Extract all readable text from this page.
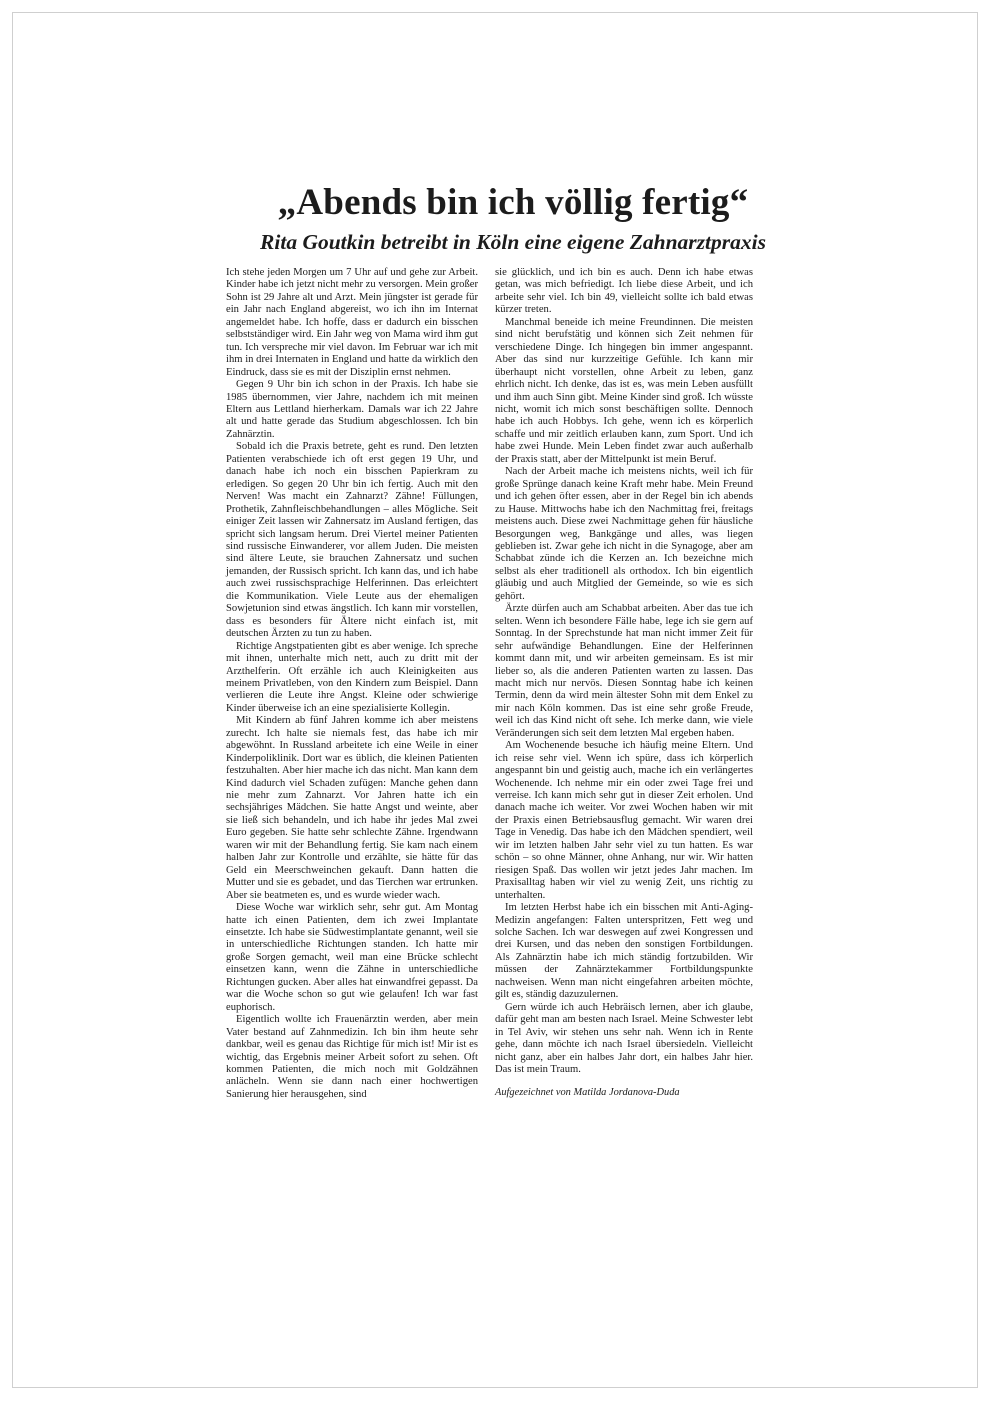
„Abends bin ich völlig fertig“
Rita Goutkin betreibt in Köln eine eigene Zahnarztpraxis

Ich stehe jeden Morgen um 7 Uhr auf und gehe zur Arbeit. Kinder habe ich jetzt nicht mehr zu versorgen. Mein großer Sohn ist 29 Jahre alt und Arzt. Mein jüngster ist gerade für ein Jahr nach England abgereist, wo ich ihn im Internat angemeldet habe. Ich hoffe, dass er dadurch ein bisschen selbstständiger wird. Ein Jahr weg von Mama wird ihm gut tun. Ich verspreche mir viel davon. Im Februar war ich mit ihm in drei Internaten in England und hatte da wirklich den Eindruck, dass sie es mit der Disziplin ernst nehmen.

Gegen 9 Uhr bin ich schon in der Praxis. Ich habe sie 1985 übernommen, vier Jahre, nachdem ich mit meinen Eltern aus Lettland hierherkam. Damals war ich 22 Jahre alt und hatte gerade das Studium abgeschlossen. Ich bin Zahnärztin.

Sobald ich die Praxis betrete, geht es rund. Den letzten Patienten verabschiede ich oft erst gegen 19 Uhr, und danach habe ich noch ein bisschen Papierkram zu erledigen. So gegen 20 Uhr bin ich fertig. Auch mit den Nerven! Was macht ein Zahnarzt? Zähne! Füllungen, Prothetik, Zahnfleischbehandlungen – alles Mögliche. Seit einiger Zeit lassen wir Zahnersatz im Ausland fertigen, das spricht sich langsam herum. Drei Viertel meiner Patienten sind russische Einwanderer, vor allem Juden. Die meisten sind ältere Leute, sie brauchen Zahnersatz und suchen jemanden, der Russisch spricht. Ich kann das, und ich habe auch zwei russischsprachige Helferinnen. Das erleichtert die Kommunikation. Viele Leute aus der ehemaligen Sowjetunion sind etwas ängstlich. Ich kann mir vorstellen, dass es besonders für Ältere nicht einfach ist, mit deutschen Ärzten zu tun zu haben.

Richtige Angstpatienten gibt es aber wenige. Ich spreche mit ihnen, unterhalte mich nett, auch zu dritt mit der Arzthelferin. Oft erzähle ich auch Kleinigkeiten aus meinem Privatleben, von den Kindern zum Beispiel. Dann verlieren die Leute ihre Angst. Kleine oder schwierige Kinder überweise ich an eine spezialisierte Kollegin.

Mit Kindern ab fünf Jahren komme ich aber meistens zurecht. Ich halte sie niemals fest, das habe ich mir abgewöhnt. In Russland arbeitete ich eine Weile in einer Kinderpoliklinik. Dort war es üblich, die kleinen Patienten festzuhalten. Aber hier mache ich das nicht. Man kann dem Kind dadurch viel Schaden zufügen: Manche gehen dann nie mehr zum Zahnarzt. Vor Jahren hatte ich ein sechsjähriges Mädchen. Sie hatte Angst und weinte, aber sie ließ sich behandeln, und ich habe ihr jedes Mal zwei Euro gegeben. Sie hatte sehr schlechte Zähne. Irgendwann waren wir mit der Behandlung fertig. Sie kam nach einem halben Jahr zur Kontrolle und erzählte, sie hätte für das Geld ein Meerschweinchen gekauft. Dann hatten die Mutter und sie es gebadet, und das Tierchen war ertrunken. Aber sie beatmeten es, und es wurde wieder wach.

Diese Woche war wirklich sehr, sehr gut. Am Montag hatte ich einen Patienten, dem ich zwei Implantate einsetzte. Ich habe sie Südwestimplantate genannt, weil sie in unterschiedliche Richtungen standen. Ich hatte mir große Sorgen gemacht, weil man eine Brücke schlecht einsetzen kann, wenn die Zähne in unterschiedliche Richtungen gucken. Aber alles hat einwandfrei gepasst. Da war die Woche schon so gut wie gelaufen! Ich war fast euphorisch.

Eigentlich wollte ich Frauenärztin werden, aber mein Vater bestand auf Zahnmedizin. Ich bin ihm heute sehr dankbar, weil es genau das Richtige für mich ist! Mir ist es wichtig, das Ergebnis meiner Arbeit sofort zu sehen. Oft kommen Patienten, die mich noch mit Goldzähnen anlächeln. Wenn sie dann nach einer hochwertigen Sanierung hier herausgehen, sind

sie glücklich, und ich bin es auch. Denn ich habe etwas getan, was mich befriedigt. Ich liebe diese Arbeit, und ich arbeite sehr viel. Ich bin 49, vielleicht sollte ich bald etwas kürzer treten.

Manchmal beneide ich meine Freundinnen. Die meisten sind nicht berufstätig und können sich Zeit nehmen für verschiedene Dinge. Ich hingegen bin immer angespannt. Aber das sind nur kurzzeitige Gefühle. Ich kann mir überhaupt nicht vorstellen, ohne Arbeit zu leben, ganz ehrlich nicht. Ich denke, das ist es, was mein Leben ausfüllt und ihm auch Sinn gibt. Meine Kinder sind groß. Ich wüsste nicht, womit ich mich sonst beschäftigen sollte. Dennoch habe ich auch Hobbys. Ich gehe, wenn ich es körperlich schaffe und mir zeitlich erlauben kann, zum Sport. Und ich habe zwei Hunde. Mein Leben findet zwar auch außerhalb der Praxis statt, aber der Mittelpunkt ist mein Beruf.

Nach der Arbeit mache ich meistens nichts, weil ich für große Sprünge danach keine Kraft mehr habe. Mein Freund und ich gehen öfter essen, aber in der Regel bin ich abends zu Hause. Mittwochs habe ich den Nachmittag frei, freitags meistens auch. Diese zwei Nachmittage gehen für häusliche Besorgungen weg, Bankgänge und alles, was liegen geblieben ist. Zwar gehe ich nicht in die Synagoge, aber am Schabbat zünde ich die Kerzen an. Ich bezeichne mich selbst als eher traditionell als orthodox. Ich bin eigentlich gläubig und auch Mitglied der Gemeinde, so wie es sich gehört.

Ärzte dürfen auch am Schabbat arbeiten. Aber das tue ich selten. Wenn ich besondere Fälle habe, lege ich sie gern auf Sonntag. In der Sprechstunde hat man nicht immer Zeit für sehr aufwändige Behandlungen. Eine der Helferinnen kommt dann mit, und wir arbeiten gemeinsam. Es ist mir lieber so, als die anderen Patienten warten zu lassen. Das macht mich nur nervös. Diesen Sonntag habe ich keinen Termin, denn da wird mein ältester Sohn mit dem Enkel zu mir nach Köln kommen. Das ist eine sehr große Freude, weil ich das Kind nicht oft sehe. Ich merke dann, wie viele Veränderungen sich seit dem letzten Mal ergeben haben.

Am Wochenende besuche ich häufig meine Eltern. Und ich reise sehr viel. Wenn ich spüre, dass ich körperlich angespannt bin und geistig auch, mache ich ein verlängertes Wochenende. Ich nehme mir ein oder zwei Tage frei und verreise. Ich kann mich sehr gut in dieser Zeit erholen. Und danach mache ich weiter. Vor zwei Wochen haben wir mit der Praxis einen Betriebsausflug gemacht. Wir waren drei Tage in Venedig. Das habe ich den Mädchen spendiert, weil wir im letzten halben Jahr sehr viel zu tun hatten. Es war schön – so ohne Männer, ohne Anhang, nur wir. Wir hatten riesigen Spaß. Das wollen wir jetzt jedes Jahr machen. Im Praxisalltag haben wir viel zu wenig Zeit, uns richtig zu unterhalten.

Im letzten Herbst habe ich ein bisschen mit Anti-Aging-Medizin angefangen: Falten unterspritzen, Fett weg und solche Sachen. Ich war deswegen auf zwei Kongressen und drei Kursen, und das neben den sonstigen Fortbildungen. Als Zahnärztin habe ich mich ständig fortzubilden. Wir müssen der Zahnärztekammer Fortbildungspunkte nachweisen. Wenn man nicht eingefahren arbeiten möchte, gilt es, ständig dazuzulernen.

Gern würde ich auch Hebräisch lernen, aber ich glaube, dafür geht man am besten nach Israel. Meine Schwester lebt in Tel Aviv, wir stehen uns sehr nah. Wenn ich in Rente gehe, dann möchte ich nach Israel übersiedeln. Vielleicht nicht ganz, aber ein halbes Jahr dort, ein halbes Jahr hier. Das ist mein Traum.

Aufgezeichnet von Matilda Jordanova-Duda
